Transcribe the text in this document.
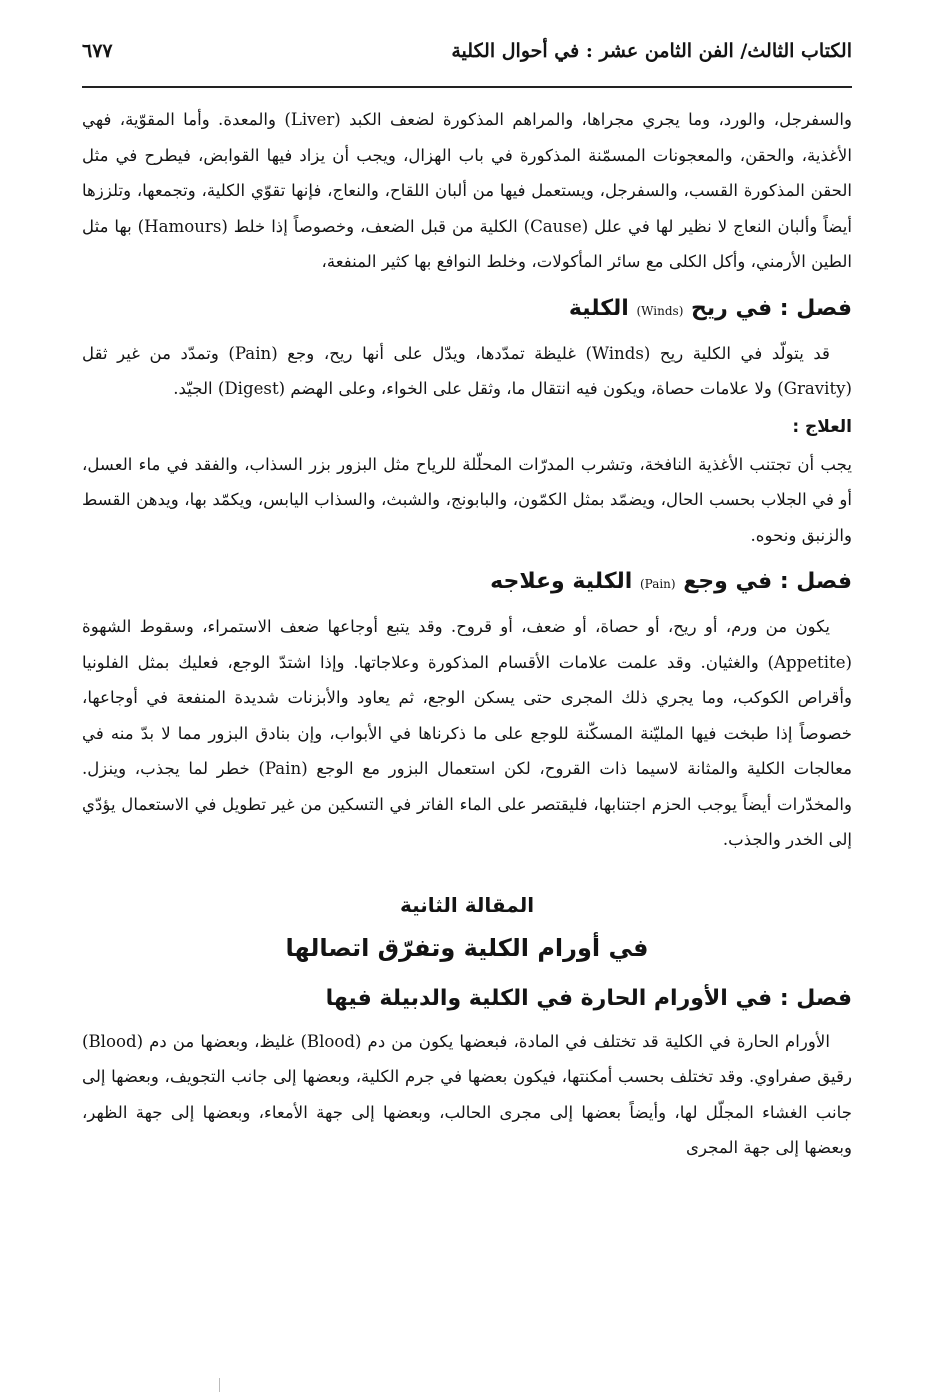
الكتاب الثالث/ الفن الثامن عشر : في أحوال الكلية
٦٧٧

والسفرجل، والورد، وما يجري مجراها، والمراهم المذكورة لضعف الكبد (Liver) والمعدة. وأما المقوّية، فهي الأغذية، والحقن، والمعجونات المسمّنة المذكورة في باب الهزال، ويجب أن يزاد فيها القوابض، فيطرح في مثل الحقن المذكورة القسب، والسفرجل، ويستعمل فيها من ألبان اللقاح، والنعاج، فإنها تقوّي الكلية، وتجمعها، وتلززها أيضاً وألبان النعاج لا نظير لها في علل (Cause) الكلية من قبل الضعف، وخصوصاً إذا خلط (Hamours) بها مثل الطين الأرمني، وأكل الكلى مع سائر المأكولات، وخلط النوافع بها كثير المنفعة،

فصل : في ريح (Winds) الكلية

قد يتولّد في الكلية ريح (Winds) غليظة تمدّدها، ويدّل على أنها ريح، وجع (Pain) وتمدّد من غير ثقل (Gravity) ولا علامات حصاة، ويكون فيه انتقال ما، وثقل على الخواء، وعلى الهضم (Digest) الجيّد.

العلاج :

يجب أن تجتنب الأغذية النافخة، وتشرب المدرّات المحلّلة للرياح مثل البزور بزر السذاب، والفقد في ماء العسل، أو في الجلاب بحسب الحال، ويضمّد بمثل الكمّون، والبابونج، والشبث، والسذاب اليابس، ويكمّد بها، ويدهن القسط والزنبق ونحوه.

فصل : في وجع (Pain) الكلية وعلاجه

يكون من ورم، أو ريح، أو حصاة، أو ضعف، أو قروح. وقد يتبع أوجاعها ضعف الاستمراء، وسقوط الشهوة (Appetite) والغثيان. وقد علمت علامات الأقسام المذكورة وعلاجاتها. وإذا اشتدّ الوجع، فعليك بمثل الفلونيا وأقراص الكوكب، وما يجري ذلك المجرى حتى يسكن الوجع، ثم يعاود والأبزنات شديدة المنفعة في أوجاعها، خصوصاً إذا طبخت فيها المليّنة المسكّنة للوجع على ما ذكرناها في الأبواب، وإن بنادق البزور مما لا بدّ منه في معالجات الكلية والمثانة لاسيما ذات القروح، لكن استعمال البزور مع الوجع (Pain) خطر لما يجذب، وينزل. والمخدّرات أيضاً يوجب الحزم اجتنابها، فليقتصر على الماء الفاتر في التسكين من غير تطويل في الاستعمال يؤدّي إلى الخدر والجذب.

المقالة الثانية
في أورام الكلية وتفرّق اتصالها
فصل : في الأورام الحارة في الكلية والدبيلة فيها

الأورام الحارة في الكلية قد تختلف في المادة، فبعضها يكون من دم (Blood) غليظ، وبعضها من دم (Blood) رقيق صفراوي. وقد تختلف بحسب أمكنتها، فيكون بعضها في جرم الكلية، وبعضها إلى جانب التجويف، وبعضها إلى جانب الغشاء المجلّل لها، وأيضاً بعضها إلى مجرى الحالب، وبعضها إلى جهة الأمعاء، وبعضها إلى جهة الظهر، وبعضها إلى جهة المجرى
